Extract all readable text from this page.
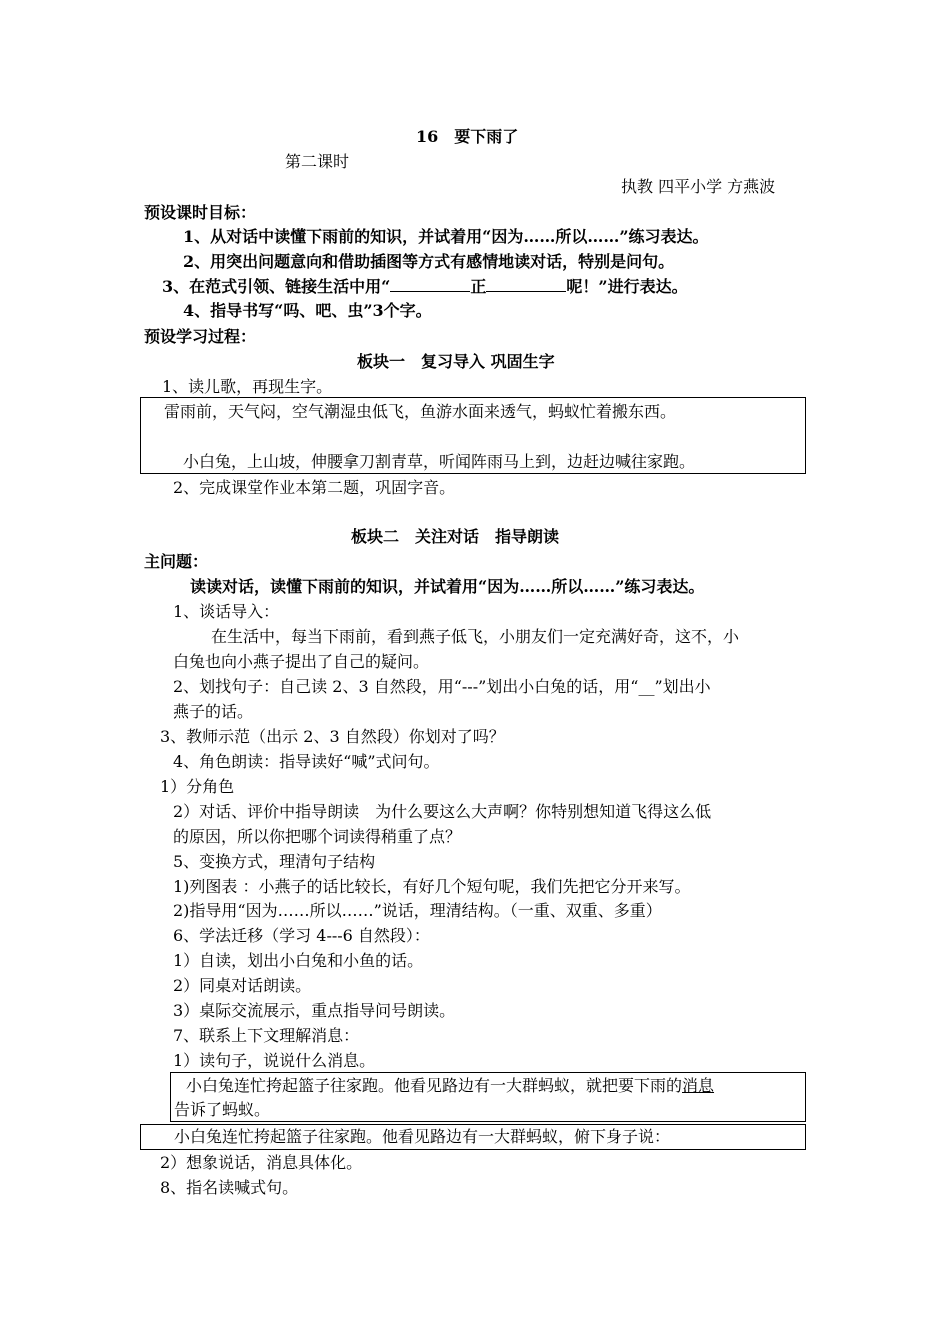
16　要下雨了
第二课时
执教 四平小学 方燕波
预设课时目标：
1、从对话中读懂下雨前的知识，并试着用“因为……所以……”练习表达。
2、用突出问题意向和借助插图等方式有感情地读对话，特别是问句。
3、在范式引领、链接生活中用“	正	呢！”进行表达。
4、指导书写“吗、吧、虫”3个字。
预设学习过程：
板块一　复习导入 巩固生字
1、读儿歌，再现生字。
雷雨前，天气闷，空气潮湿虫低飞，鱼游水面来透气，蚂蚁忙着搬东西。
小白兔，上山坡，伸腰拿刀割青草，听闻阵雨马上到，边赶边喊往家跑。
2、完成课堂作业本第二题，巩固字音。
板块二　关注对话　指导朗读
主问题：
读读对话，读懂下雨前的知识，并试着用“因为……所以……”练习表达。
1、谈话导入：
在生活中，每当下雨前，看到燕子低飞，小朋友们一定充满好奇，这不，小
白兔也向小燕子提出了自己的疑问。
2、划找句子：自己读 2、3 自然段，用“---”划出小白兔的话，用“__”划出小
燕子的话。
3、教师示范（出示 2、3 自然段）你划对了吗？
4、角色朗读：指导读好“喊”式问句。
1）分角色
2）对话、评价中指导朗读　为什么要这么大声啊？你特别想知道飞得这么低
的原因，所以你把哪个词读得稍重了点？
5、变换方式，理清句子结构
1)列图表 ：小燕子的话比较长，有好几个短句呢，我们先把它分开来写。
2)指导用“因为……所以……”说话，理清结构。（一重、双重、多重）
6、学法迁移（学习 4---6 自然段）：
1）自读，划出小白兔和小鱼的话。
2）同桌对话朗读。
3）桌际交流展示，重点指导问号朗读。
7、联系上下文理解消息：
1）读句子，说说什么消息。
小白兔连忙挎起篮子往家跑。他看见路边有一大群蚂蚁，就把要下雨的消息
告诉了蚂蚁。
小白兔连忙挎起篮子往家跑。他看见路边有一大群蚂蚁，俯下身子说：
2）想象说话，消息具体化。
8、指名读喊式句。
